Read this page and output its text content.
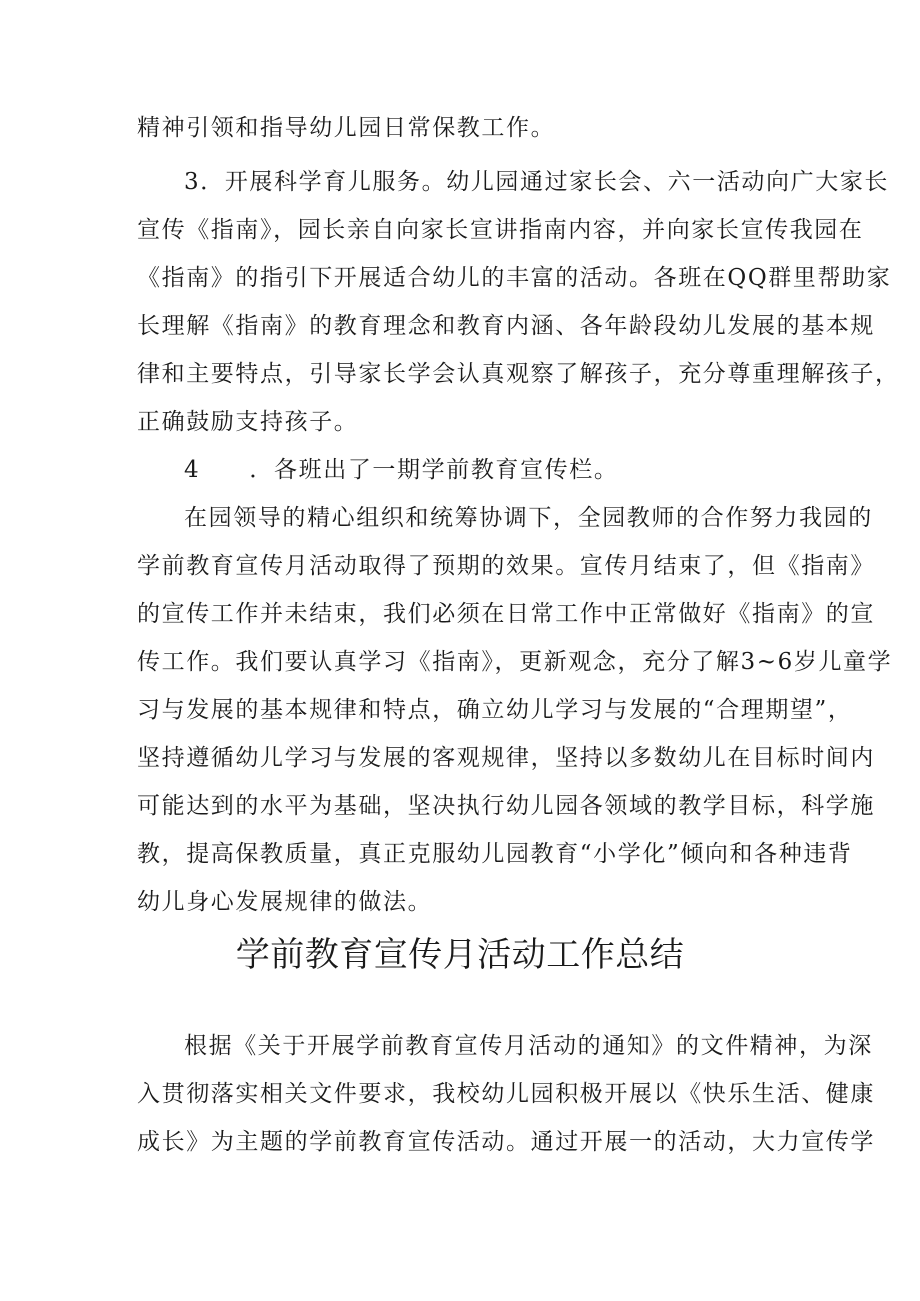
精神引领和指导幼儿园日常保教工作。
3．开展科学育儿服务。幼儿园通过家长会、六一活动向广大家长
宣传《指南》，园长亲自向家长宣讲指南内容，并向家长宣传我园在
《指南》的指引下开展适合幼儿的丰富的活动。各班在QQ群里帮助家
长理解《指南》的教育理念和教育内涵、各年龄段幼儿发展的基本规
律和主要特点，引导家长学会认真观察了解孩子，充分尊重理解孩子，
正确鼓励支持孩子。
4　　．各班出了一期学前教育宣传栏。
在园领导的精心组织和统筹协调下，全园教师的合作努力我园的
学前教育宣传月活动取得了预期的效果。宣传月结束了，但《指南》
的宣传工作并未结束，我们必须在日常工作中正常做好《指南》的宣
传工作。我们要认真学习《指南》，更新观念，充分了解3~6岁儿童学
习与发展的基本规律和特点，确立幼儿学习与发展的“合理期望”，
坚持遵循幼儿学习与发展的客观规律，坚持以多数幼儿在目标时间内
可能达到的水平为基础，坚决执行幼儿园各领域的教学目标，科学施
教，提高保教质量，真正克服幼儿园教育“小学化”倾向和各种违背
幼儿身心发展规律的做法。
学前教育宣传月活动工作总结
根据《关于开展学前教育宣传月活动的通知》的文件精神，为深
入贯彻落实相关文件要求，我校幼儿园积极开展以《快乐生活、健康
成长》为主题的学前教育宣传活动。通过开展一的活动，大力宣传学
